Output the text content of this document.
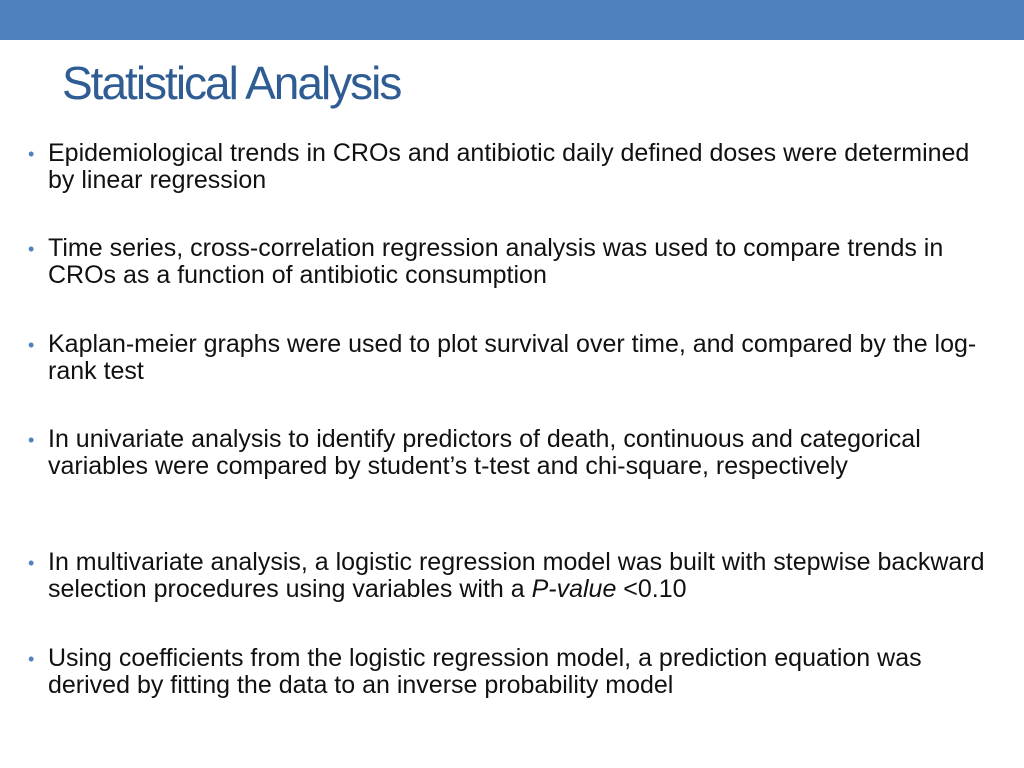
Statistical Analysis
• Epidemiological trends in CROs and antibiotic daily defined doses were determined by linear regression
• Time series, cross-correlation regression analysis was used to compare trends in CROs as a function of antibiotic consumption
• Kaplan-meier graphs were used to plot survival over time, and compared by the log-rank test
• In univariate analysis to identify predictors of death, continuous and categorical variables were compared by student’s t-test and chi-square, respectively
• In multivariate analysis, a logistic regression model was built with stepwise backward selection procedures using variables with a P-value <0.10
• Using coefficients from the logistic regression model, a prediction equation was derived by fitting the data to an inverse probability model
